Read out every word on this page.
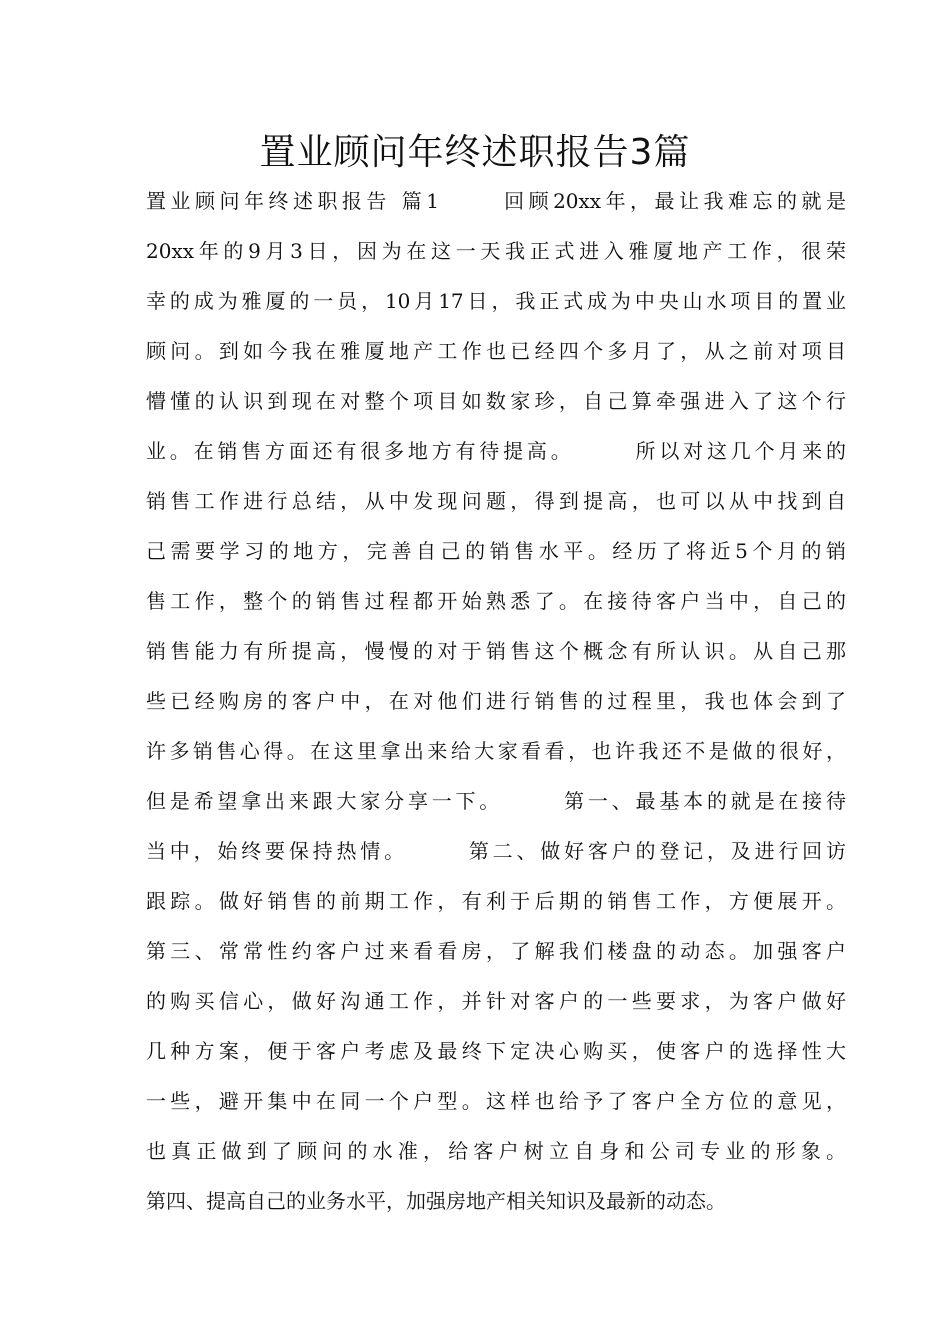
置业顾问年终述职报告3篇
置业顾问年终述职报告 篇1      回顾20xx年，最让我难忘的就是
20xx年的9月3日，因为在这一天我正式进入雅厦地产工作，很荣
幸的成为雅厦的一员，10月17日，我正式成为中央山水项目的置业
顾问。到如今我在雅厦地产工作也已经四个多月了，从之前对项目
懵懂的认识到现在对整个项目如数家珍，自己算牵强进入了这个行
业。在销售方面还有很多地方有待提高。      所以对这几个月来的
销售工作进行总结，从中发现问题，得到提高，也可以从中找到自
己需要学习的地方，完善自己的销售水平。经历了将近5个月的销
售工作，整个的销售过程都开始熟悉了。在接待客户当中，自己的
销售能力有所提高，慢慢的对于销售这个概念有所认识。从自己那
些已经购房的客户中，在对他们进行销售的过程里，我也体会到了
许多销售心得。在这里拿出来给大家看看，也许我还不是做的很好，
但是希望拿出来跟大家分享一下。      第一、最基本的就是在接待
当中，始终要保持热情。      第二、做好客户的登记，及进行回访
跟踪。做好销售的前期工作，有利于后期的销售工作，方便展开。
第三、常常性约客户过来看看房，了解我们楼盘的动态。加强客户
的购买信心，做好沟通工作，并针对客户的一些要求，为客户做好
几种方案，便于客户考虑及最终下定决心购买，使客户的选择性大
一些，避开集中在同一个户型。这样也给予了客户全方位的意见，
也真正做到了顾问的水准，给客户树立自身和公司专业的形象。
第四、提高自己的业务水平，加强房地产相关知识及最新的动态。
